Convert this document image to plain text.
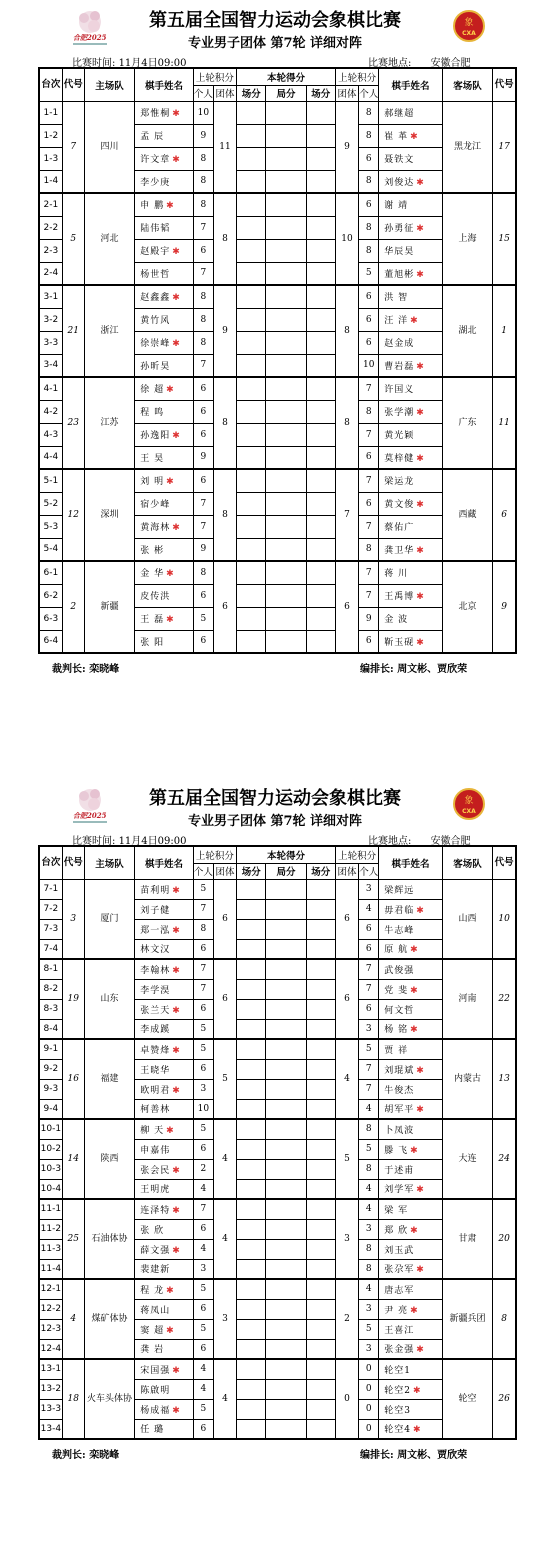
合肥2025
第五届全国智力运动会象棋比赛
专业男子团体 第7轮 详细对阵
象
CXA
比赛时间: 11月4日09:00	比赛地点: 安徽合肥
台次	代号	主场队	棋手姓名	上轮积分		本轮得分			上轮积分		棋手姓名	客场队	代号
				个人	团体	场分	局分	场分	团体	个人			
1-1	7	四川	郑惟桐 ✱	10	11				9	8	郝继超	黑龙江	17
1-2			孟 辰	9						8	崔 革 ✱		
1-3			许文章 ✱	8						6	聂铁文		
1-4			李少庚	8						8	刘俊达 ✱		
2-1	5	河北	申 鹏 ✱	8	8				10	6	谢 靖	上海	15
2-2			陆伟韬	7						8	孙勇征 ✱		
2-3			赵殿宇 ✱	6						8	华辰昊		
2-4			杨世哲	7						5	董旭彬 ✱		
3-1	21	浙江	赵鑫鑫 ✱	8	9				8	6	洪 智	湖北	1
3-2			黄竹风	8						6	汪 洋 ✱		
3-3			徐崇峰 ✱	8						6	赵金成		
3-4			孙昕昊	7						10	曹岩磊 ✱		
4-1	23	江苏	徐 超 ✱	6	8				8	7	许国义	广东	11
4-2			程 鸣	6						8	张学潮 ✱		
4-3			孙逸阳 ✱	6						7	黄光颖		
4-4			王 昊	9						6	莫梓健 ✱		
5-1	12	深圳	刘 明 ✱	6	8				7	7	梁运龙	西藏	6
5-2			宿少峰	7						6	黄文俊 ✱		
5-3			黄海林 ✱	7						7	蔡佑广		
5-4			张 彬	9						8	龚卫华 ✱		
6-1	2	新疆	金 华 ✱	8	6				6	7	蒋 川	北京	9
6-2			皮传洪	6						7	王禹博 ✱		
6-3			王 磊 ✱	5						9	金 波		
6-4			张 阳	6						6	靳玉砚 ✱		
裁判长: 栾晓峰	编排长: 周文彬、贾欣荣
合肥2025
第五届全国智力运动会象棋比赛
专业男子团体 第7轮 详细对阵
象
CXA
比赛时间: 11月4日09:00	比赛地点: 安徽合肥
台次	代号	主场队	棋手姓名	上轮积分		本轮得分			上轮积分		棋手姓名	客场队	代号
				个人	团体	场分	局分	场分	团体	个人			
7-1	3	厦门	苗利明 ✱	5	6				6	3	梁辉远	山西	10
7-2			刘子健	7						4	毋君临 ✱		
7-3			郑一泓 ✱	8						6	牛志峰		
7-4			林文汉	6						6	原 航 ✱		
8-1	19	山东	李翰林 ✱	7	6				6	7	武俊强	河南	22
8-2			李学淏	7						7	党 斐 ✱		
8-3			张兰天 ✱	6						6	何文哲		
8-4			李成蹊	5						3	杨 铭 ✱		
9-1	16	福建	卓赞烽 ✱	5	5				4	5	贾 祥	内蒙古	13
9-2			王晓华	6						7	刘琨斌 ✱		
9-3			欧明君 ✱	3						7	牛俊杰		
9-4			柯善林	10						4	胡军平 ✱		
10-1	14	陕西	柳 天 ✱	5	4				5	8	卜凤波	大连	24
10-2			申嘉伟	6						5	滕 飞 ✱		
10-3			张会民 ✱	2						8	于述甫		
10-4			王明虎	4						4	刘学军 ✱		
11-1	25	石油体协	连泽特 ✱	7	4				3	4	梁 军	甘肃	20
11-2			张 欣	6						3	郑 欣 ✱		
11-3			薛文强 ✱	4						8	刘玉武		
11-4			裴建新	3						8	张尕军 ✱		
12-1	4	煤矿体协	程 龙 ✱	5	3				2	4	唐志军	新疆兵团	8
12-2			蒋凤山	6						3	尹 亮 ✱		
12-3			窦 超 ✱	5						5	王喜江		
12-4			龚 岩	6						3	张金强 ✱		
13-1	18	火车头体协	宋国强 ✱	4	4				0	0	轮空1	轮空	26
13-2			陈啟明	4						0	轮空2 ✱		
13-3			杨成福 ✱	5						0	轮空3		
13-4			任 璐	6						0	轮空4 ✱		
裁判长: 栾晓峰	编排长: 周文彬、贾欣荣
